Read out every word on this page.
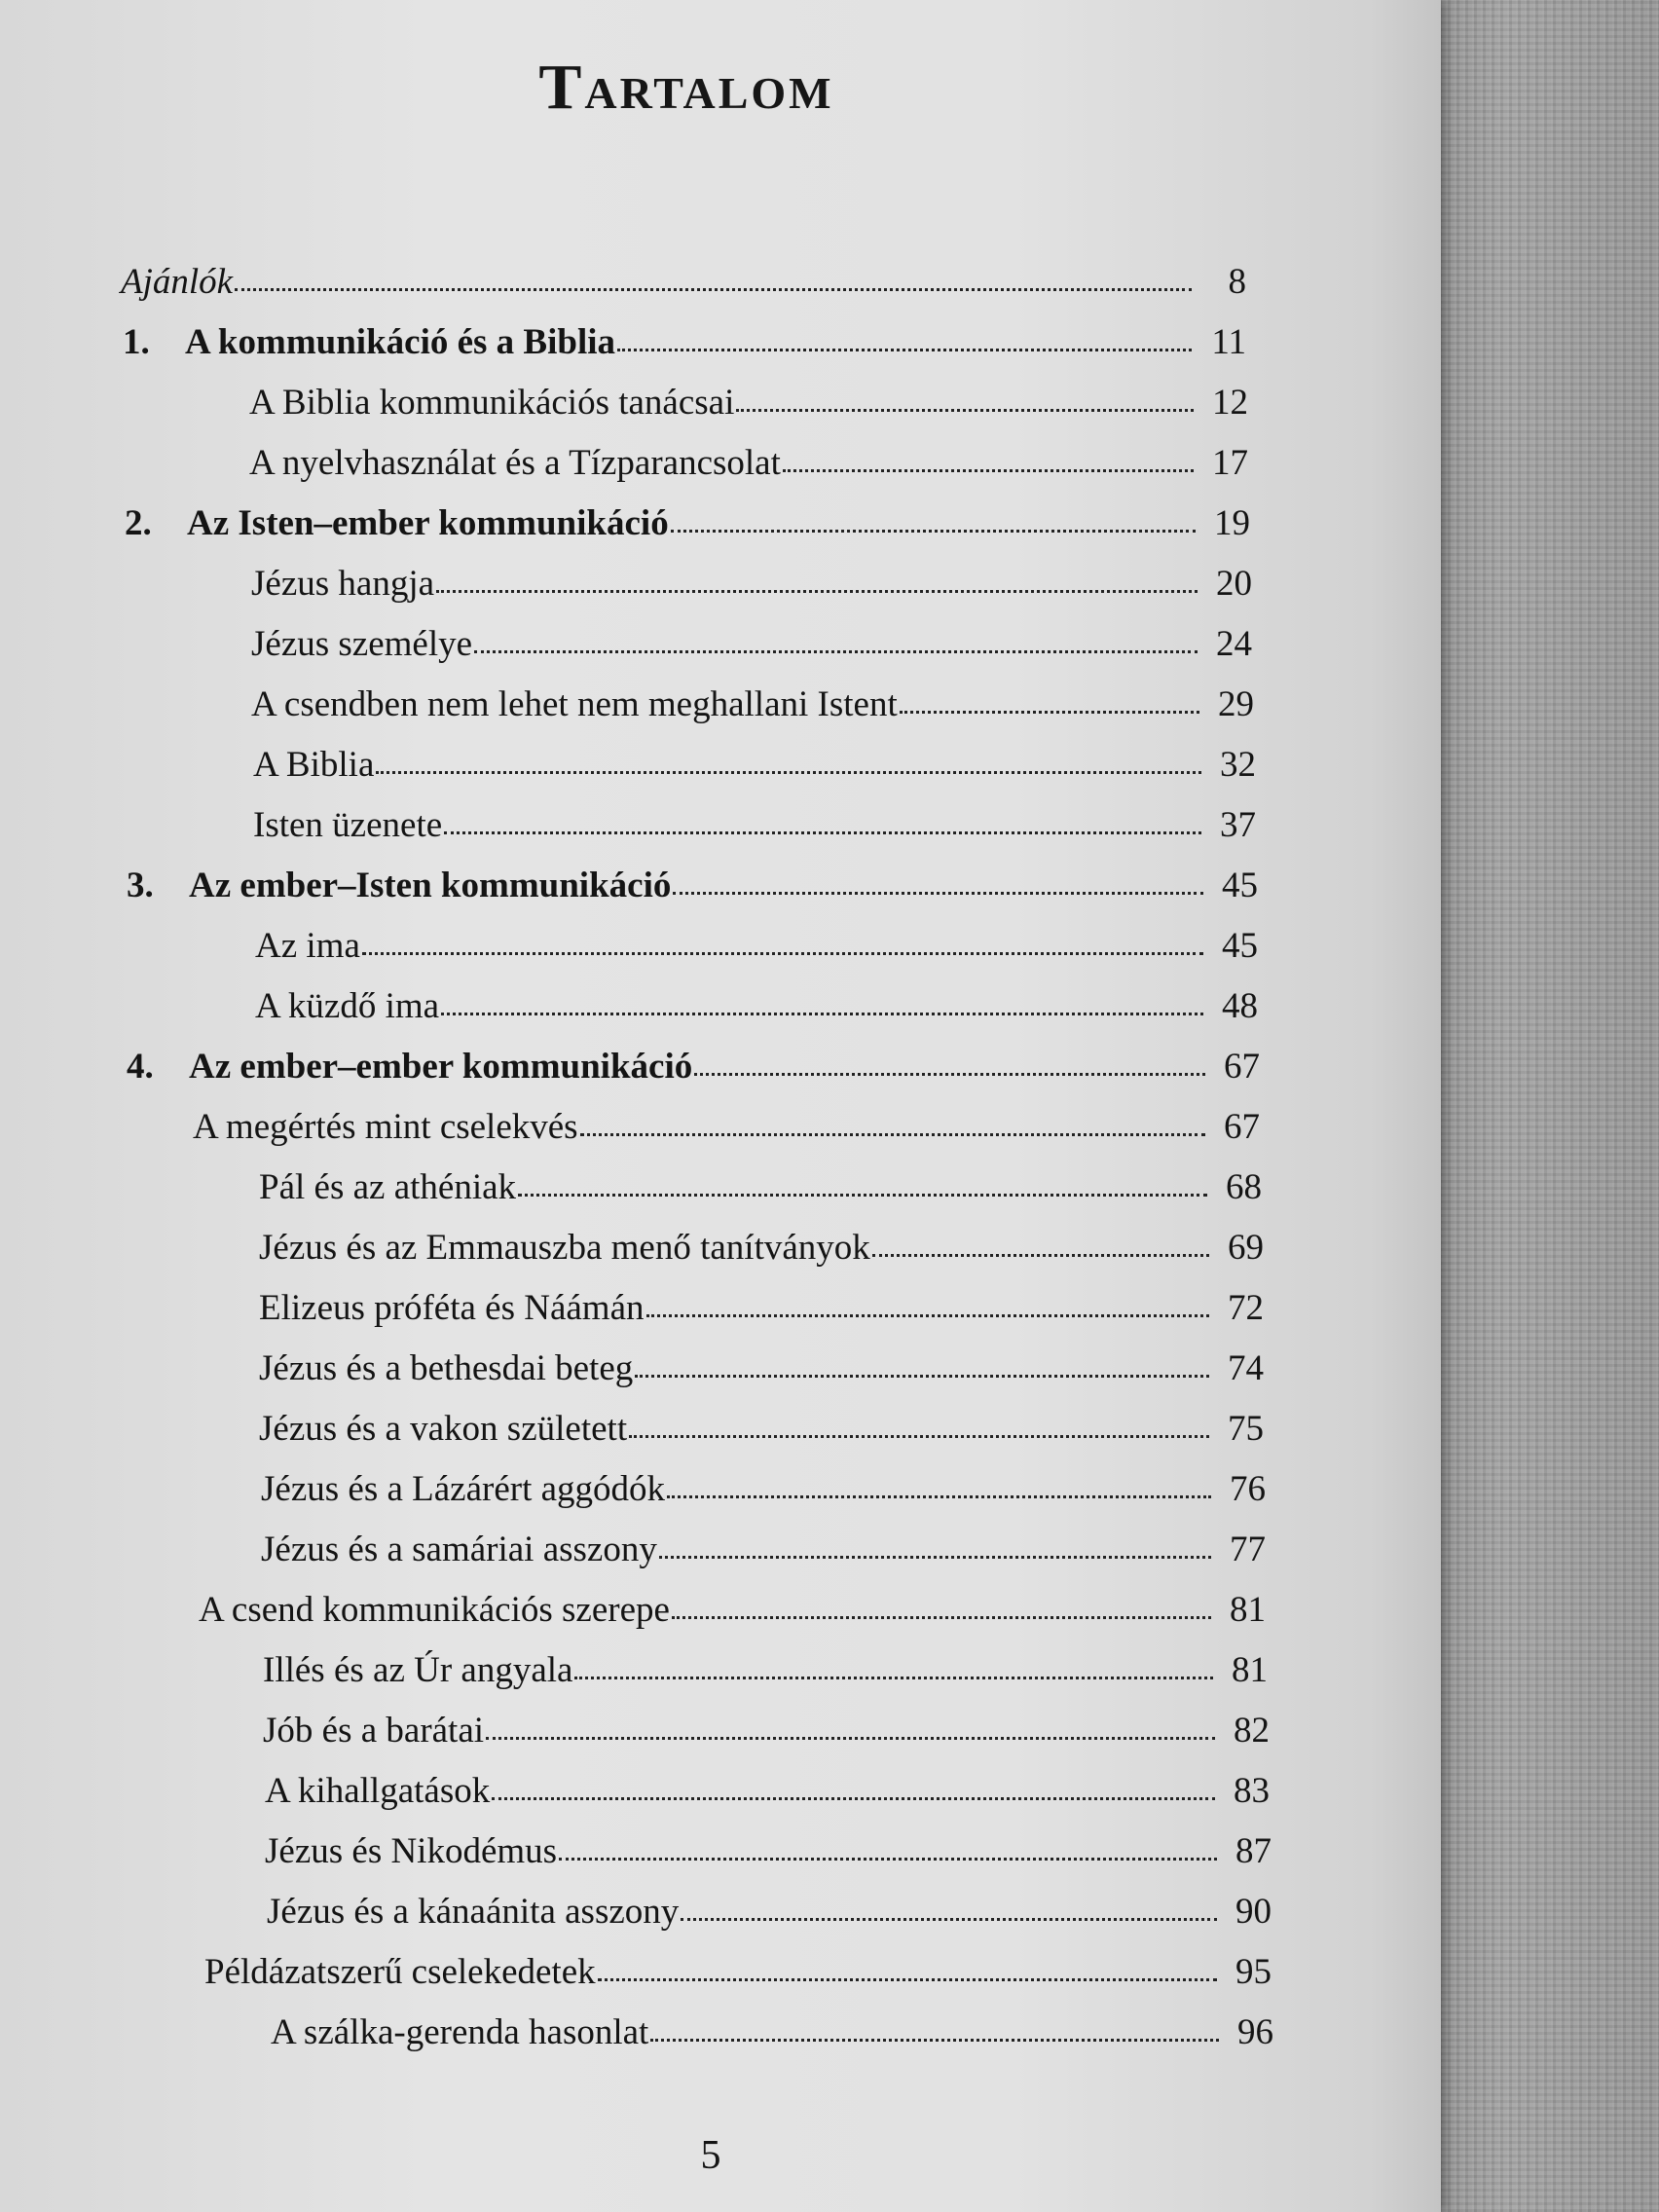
Tartalom
Ajánlók	8
1. A kommunikáció és a Biblia	11
A Biblia kommunikációs tanácsai	12
A nyelvhasználat és a Tízparancsolat	17
2. Az Isten–ember kommunikáció	19
Jézus hangja	20
Jézus személye	24
A csendben nem lehet nem meghallani Istent	29
A Biblia	32
Isten üzenete	37
3. Az ember–Isten kommunikáció	45
Az ima	45
A küzdő ima	48
4. Az ember–ember kommunikáció	67
A megértés mint cselekvés	67
Pál és az athéniak	68
Jézus és az Emmauszba menő tanítványok	69
Elizeus próféta és Náámán	72
Jézus és a bethesdai beteg	74
Jézus és a vakon született	75
Jézus és a Lázárért aggódók	76
Jézus és a samáriai asszony	77
A csend kommunikációs szerepe	81
Illés és az Úr angyala	81
Jób és a barátai	82
A kihallgatások	83
Jézus és Nikodémus	87
Jézus és a kánaánita asszony	90
Példázatszerű cselekedetek	95
A szálka-gerenda hasonlat	96
5
